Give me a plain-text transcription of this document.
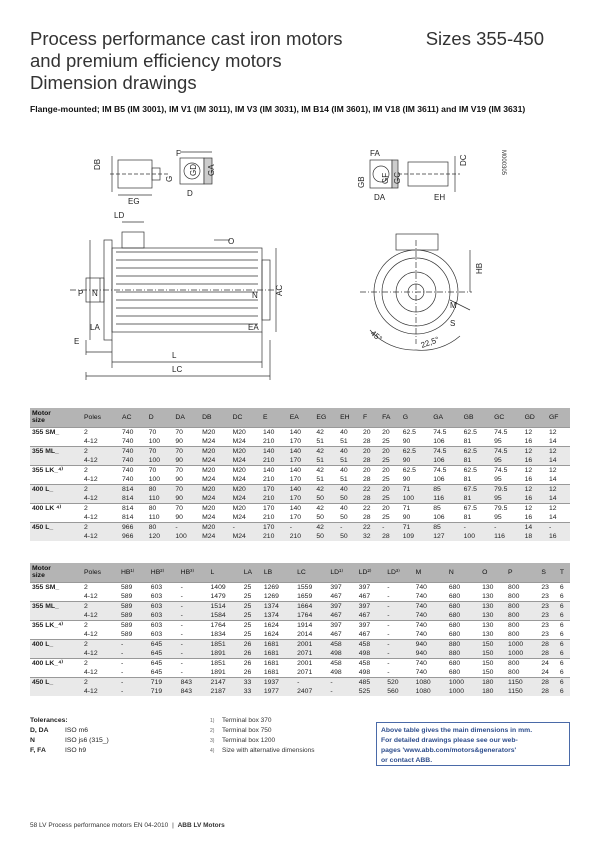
Process performance cast iron motors
and premium efficiency motors
Dimension drawings
Sizes 355-450
Flange-mounted; IM B5 (IM 3001), IM V1 (IM 3011), IM V3 (IM 3031), IM B14 (IM 3601), IM V18 (IM 3611) and IM V19 (IM 3631)
DB
F
G
GD GA
D
EG
FA
DC
GB GF GC
DA	EH
LD
O
P N	N AC
LA	EA
E
L
LC
HB
M
S
45°	22,5°
M000305
Motor
size	Poles	AC	D	DA	DB	DC	E	EA	EG	EH	F	FA	G	GA	GB	GC	GD	GF
355 SM_	2	740	70	70	M20	M20	140	140	42	40	20	20	62.5	74.5	62.5	74.5	12	12
	4-12	740	100	90	M24	M24	210	170	51	51	28	25	90	106	81	95	16	14
355 ML_	2	740	70	70	M20	M20	140	140	42	40	20	20	62.5	74.5	62.5	74.5	12	12
	4-12	740	100	90	M24	M24	210	170	51	51	28	25	90	106	81	95	16	14
355 LK_⁴⁾	2	740	70	70	M20	M20	140	140	42	40	20	20	62.5	74.5	62.5	74.5	12	12
	4-12	740	100	90	M24	M24	210	170	51	51	28	25	90	106	81	95	16	14
400 L_	2	814	80	70	M20	M20	170	140	42	40	22	20	71	85	67.5	79.5	12	12
	4-12	814	110	90	M24	M24	210	170	50	50	28	25	100	116	81	95	16	14
400 LK ⁴⁾	2	814	80	70	M20	M20	170	140	42	40	22	20	71	85	67.5	79.5	12	12
	4-12	814	110	90	M24	M24	210	170	50	50	28	25	90	106	81	95	16	14
450 L_	2	966	80	-	M20	-	170	-	42	-	22	-	71	85	-	-	14	-
	4-12	966	120	100	M24	M24	210	210	50	50	32	28	109	127	100	116	18	16
Motor
size	Poles	HB¹⁾	HB²⁾	HB³⁾	L	LA	LB	LC	LD¹⁾	LD²⁾	LD³⁾	M	N	O	P	S	T
355 SM_	2	589	603	-	1409	25	1269	1559	397	397	-	740	680	130	800	23	6
	4-12	589	603	-	1479	25	1269	1659	467	467	-	740	680	130	800	23	6
355 ML_	2	589	603	-	1514	25	1374	1664	397	397	-	740	680	130	800	23	6
	4-12	589	603	-	1584	25	1374	1764	467	467	-	740	680	130	800	23	6
355 LK_⁴⁾	2	589	603	-	1764	25	1624	1914	397	397	-	740	680	130	800	23	6
	4-12	589	603	-	1834	25	1624	2014	467	467	-	740	680	130	800	23	6
400 L_	2	-	645	-	1851	26	1681	2001	458	458	-	940	880	150	1000	28	6
	4-12	-	645	-	1891	26	1681	2071	498	498	-	940	880	150	1000	28	6
400 LK_⁴⁾	2	-	645	-	1851	26	1681	2001	458	458	-	740	680	150	800	24	6
	4-12	-	645	-	1891	26	1681	2071	498	498	-	740	680	150	800	24	6
450 L_	2	-	719	843	2147	33	1937	-	-	485	520	1080	1000	180	1150	28	6
	4-12	-	719	843	2187	33	1977	2407	-	525	560	1080	1000	180	1150	28	6
Tolerances:
D, DA ISO m6
N	ISO js6 (315_)
F, FA	ISO h9
1) Terminal box 370
2) Terminal box 750
3) Terminal box 1200
4) Size with alternative dimensions
Above table gives the main dimensions in mm.
For detailed drawings please see our web-
pages 'www.abb.com/motors&generators'
or contact ABB.
58 LV Process performance motors EN 04-2010 | ABB LV Motors
